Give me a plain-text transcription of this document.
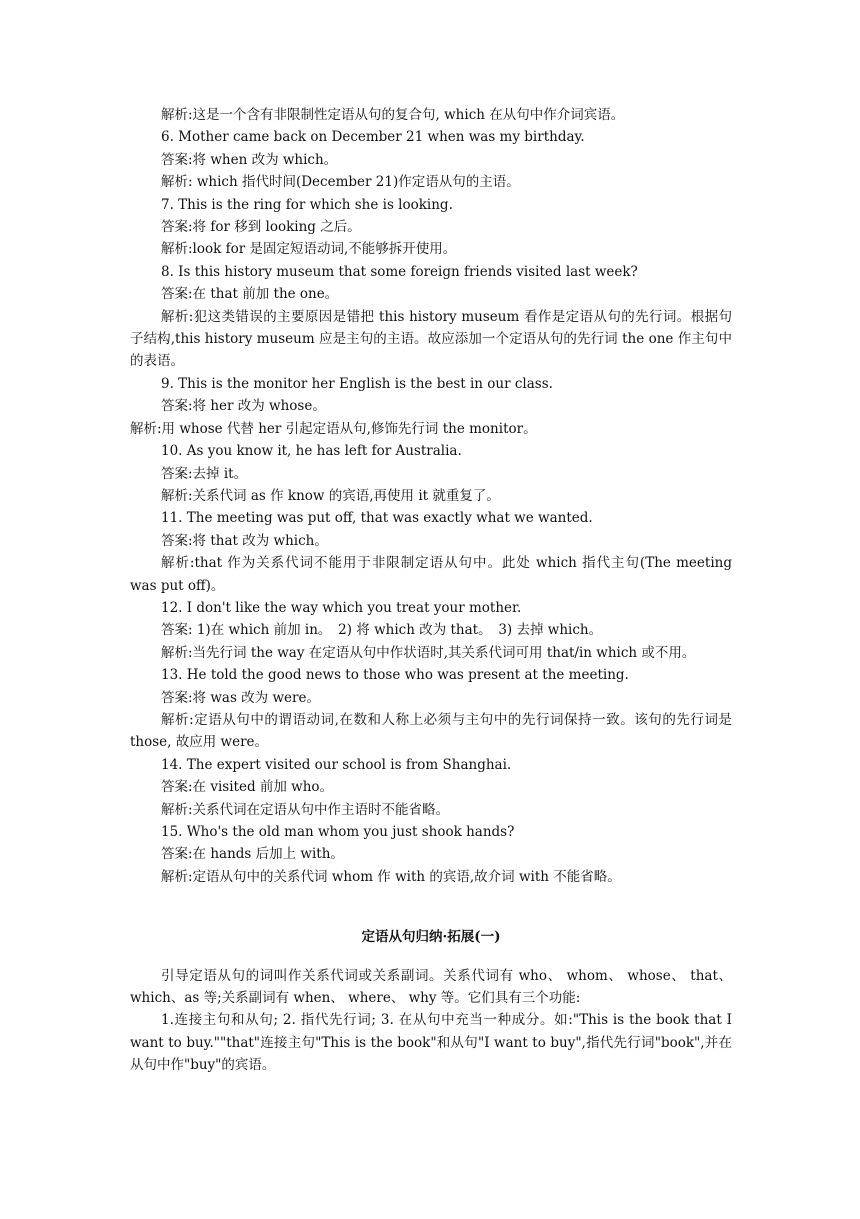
解析:这是一个含有非限制性定语从句的复合句, which 在从句中作介词宾语。
6. Mother came back on December 21 when was my birthday.
答案:将 when 改为 which。
解析: which 指代时间(December 21)作定语从句的主语。
7. This is the ring for which she is looking.
答案:将 for 移到 looking 之后。
解析:look for 是固定短语动词,不能够拆开使用。
8. Is this history museum that some foreign friends visited last week?
答案:在 that 前加 the one。
解析:犯这类错误的主要原因是错把 this history museum 看作是定语从句的先行词。根据句子结构,this history museum 应是主句的主语。故应添加一个定语从句的先行词 the one 作主句中的表语。
9. This is the monitor her English is the best in our class.
答案:将 her 改为 whose。
解析:用 whose 代替 her 引起定语从句,修饰先行词 the monitor。
10. As you know it, he has left for Australia.
答案:去掉 it。
解析:关系代词 as 作 know 的宾语,再使用 it 就重复了。
11. The meeting was put off, that was exactly what we wanted.
答案:将 that 改为 which。
解析:that 作为关系代词不能用于非限制定语从句中。此处 which 指代主句(The meeting was put off)。
12. I don't like the way which you treat your mother.
答案: 1)在 which 前加 in。　2) 将 which 改为 that。　3) 去掉 which。
解析:当先行词 the way 在定语从句中作状语时,其关系代词可用 that/in which 或不用。
13. He told the good news to those who was present at the meeting.
答案:将 was 改为 were。
解析:定语从句中的谓语动词,在数和人称上必须与主句中的先行词保持一致。该句的先行词是 those, 故应用 were。
14. The expert visited our school is from Shanghai.
答案:在 visited 前加 who。
解析:关系代词在定语从句中作主语时不能省略。
15. Who's the old man whom you just shook hands?
答案:在 hands 后加上 with。
解析:定语从句中的关系代词 whom 作 with 的宾语,故介词 with 不能省略。
定语从句归纳·拓展(一)
引导定语从句的词叫作关系代词或关系副词。关系代词有 who、 whom、 whose、 that、which、as 等;关系副词有 when、 where、 why 等。它们具有三个功能:
1.连接主句和从句; 2. 指代先行词; 3. 在从句中充当一种成分。如:"This is the book that I want to buy.""that"连接主句"This is the book"和从句"I want to buy",指代先行词"book",并在从句中作"buy"的宾语。
